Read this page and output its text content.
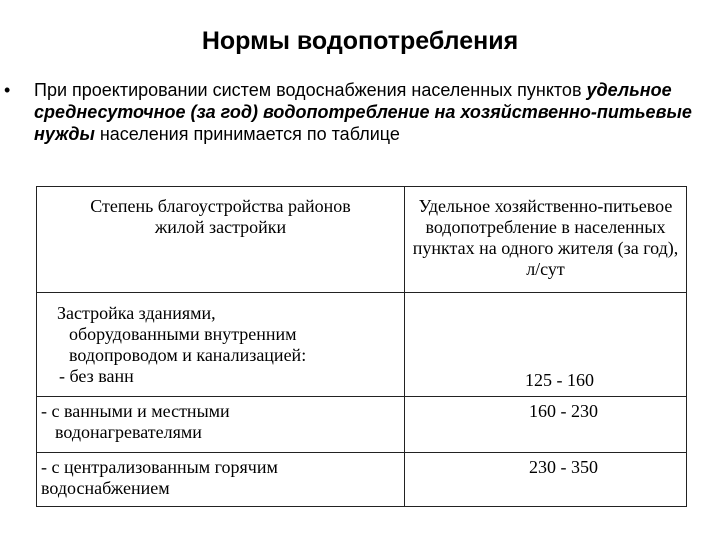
Нормы водопотребления
• При проектировании систем водоснабжения населенных пунктов удельное среднесуточное (за год) водопотребление на хозяйственно-питьевые нужды населения принимается по таблице
Степень благоустройства районов жилой застройки	Удельное хозяйственно-питьевое водопотребление в населенных пунктах на одного жителя (за год), л/сут

Застройка зданиями,
оборудованными внутренним
водопроводом и канализацией:
- без ванн	125 - 160
- с ванными и местными
водонагревателями	160 - 230
- с централизованным горячим водоснабжением	230 - 350
